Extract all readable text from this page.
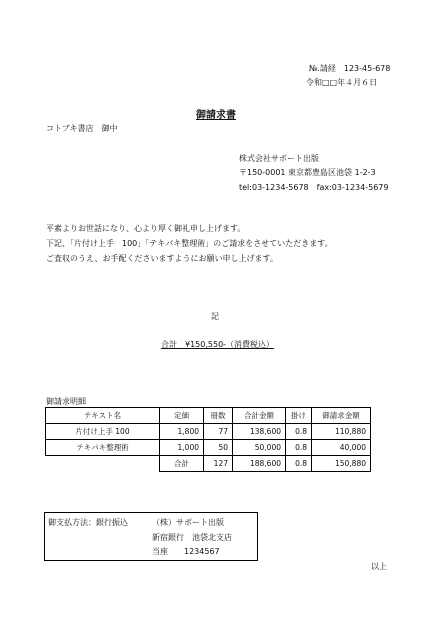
№.請経　123-45-678
令和□□年４月６日
御請求書
コトブキ書店　御中
株式会社サポート出版
〒150-0001 東京都豊島区池袋 1-2-3
tel:03-1234-5678　fax:03-1234-5679
平素よりお世話になり、心より厚く御礼申し上げます。
下記、「片付け上手　100」「テキパキ整理術」のご請求をさせていただきます。
ご査収のうえ、お手配くださいますようにお願い申し上げます。
記
合計　¥150,550-（消費税込）
御請求明細
テキスト名	定価	冊数	合計金額	掛け	御請求金額
片付け上手 100	1,800	77	138,600	0.8	110,880
テキパキ整理術	1,000	50	50,000	0.8	40,000
	合計	127	188,600	0.8	150,880
御支払方法：銀行振込	（株）サポート出版
新宿銀行　池袋北支店
当座　　1234567
以上
